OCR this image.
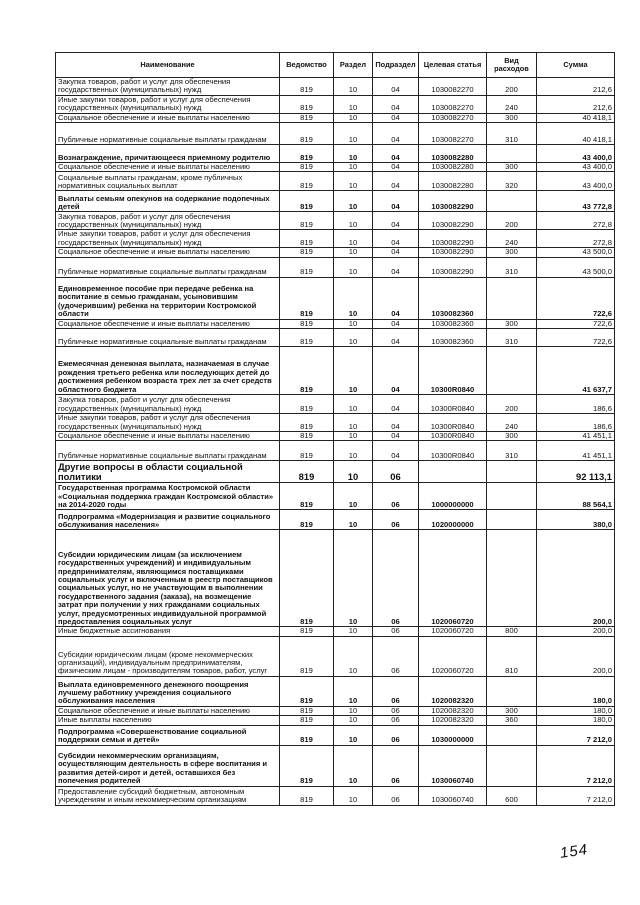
Наименование	Ведомство	Раздел	Подраздел	Целевая статья	Вид расходов	Сумма
Закупка товаров, работ и услуг для обеспечения государственных (муниципальных) нужд	819	10	04	1030082270	200	212,6
Иные закупки товаров, работ и услуг для обеспечения государственных (муниципальных) нужд	819	10	04	1030082270	240	212,6
Социальное обеспечение и иные выплаты населению	819	10	04	1030082270	300	40 418,1
Публичные нормативные социальные выплаты гражданам	819	10	04	1030082270	310	40 418,1
Вознаграждение, причитающееся приемному родителю	819	10	04	1030082280		43 400,0
Социальное обеспечение и иные выплаты населению	819	10	04	1030082280	300	43 400,0
Социальные выплаты гражданам, кроме публичных нормативных социальных выплат	819	10	04	1030082280	320	43 400,0
Выплаты семьям опекунов на содержание подопечных детей	819	10	04	1030082290		43 772,8
Закупка товаров, работ и услуг для обеспечения государственных (муниципальных) нужд	819	10	04	1030082290	200	272,8
Иные закупки товаров, работ и услуг для обеспечения государственных (муниципальных) нужд	819	10	04	1030082290	240	272,8
Социальное обеспечение и иные выплаты населению	819	10	04	1030082290	300	43 500,0
Публичные нормативные социальные выплаты гражданам	819	10	04	1030082290	310	43 500,0
Единовременное пособие при передаче ребенка на воспитание в семью гражданам, усыновившим (удочерившим) ребенка на территории Костромской области	819	10	04	1030082360		722,6
Социальное обеспечение и иные выплаты населению	819	10	04	1030082360	300	722,6
Публичные нормативные социальные выплаты гражданам	819	10	04	1030082360	310	722,6
Ежемесячная денежная выплата, назначаемая в случае рождения третьего ребенка или последующих детей до достижения ребенком возраста трех лет за счет средств областного бюджета	819	10	04	10300R0840		41 637,7
Закупка товаров, работ и услуг для обеспечения государственных (муниципальных) нужд	819	10	04	10300R0840	200	186,6
Иные закупки товаров, работ и услуг для обеспечения государственных (муниципальных) нужд	819	10	04	10300R0840	240	186,6
Социальное обеспечение и иные выплаты населению	819	10	04	10300R0840	300	41 451,1
Публичные нормативные социальные выплаты гражданам	819	10	04	10300R0840	310	41 451,1
Другие вопросы в области социальной политики	819	10	06			92 113,1
Государственная программа Костромской области «Социальная поддержка граждан Костромской области» на 2014-2020 годы	819	10	06	1000000000		88 564,1
Подпрограмма «Модернизация и развитие социального обслуживания населения»	819	10	06	1020000000		380,0
Субсидии юридическим лицам (за исключением государственных учреждений) и индивидуальным предпринимателям, являющимся поставщиками социальных услуг и включенным в реестр поставщиков социальных услуг, но не участвующим в выполнении государственного задания (заказа), на возмещение затрат при получении у них гражданами социальных услуг, предусмотренных индивидуальной программой предоставления социальных услуг	819	10	06	1020060720		200,0
Иные бюджетные ассигнования	819	10	06	1020060720	800	200,0
Субсидии юридическим лицам (кроме некоммерческих организаций), индивидуальным предпринимателям, физическим лицам - производителям товаров, работ, услуг	819	10	06	1020060720	810	200,0
Выплата единовременного денежного поощрения лучшему работнику учреждения социального обслуживания населения	819	10	06	1020082320		180,0
Социальное обеспечение и иные выплаты населению	819	10	06	1020082320	300	180,0
Иные выплаты населению	819	10	06	1020082320	360	180,0
Подпрограмма «Совершенствование социальной поддержки семьи и детей»	819	10	06	1030000000		7 212,0
Субсидии некоммерческим организациям, осуществляющим деятельность в сфере воспитания и развития детей-сирот и детей, оставшихся без попечения родителей	819	10	06	1030060740		7 212,0
Предоставление субсидий бюджетным, автономным учреждениям и иным некоммерческим организациям	819	10	06	1030060740	600	7 212,0
154
